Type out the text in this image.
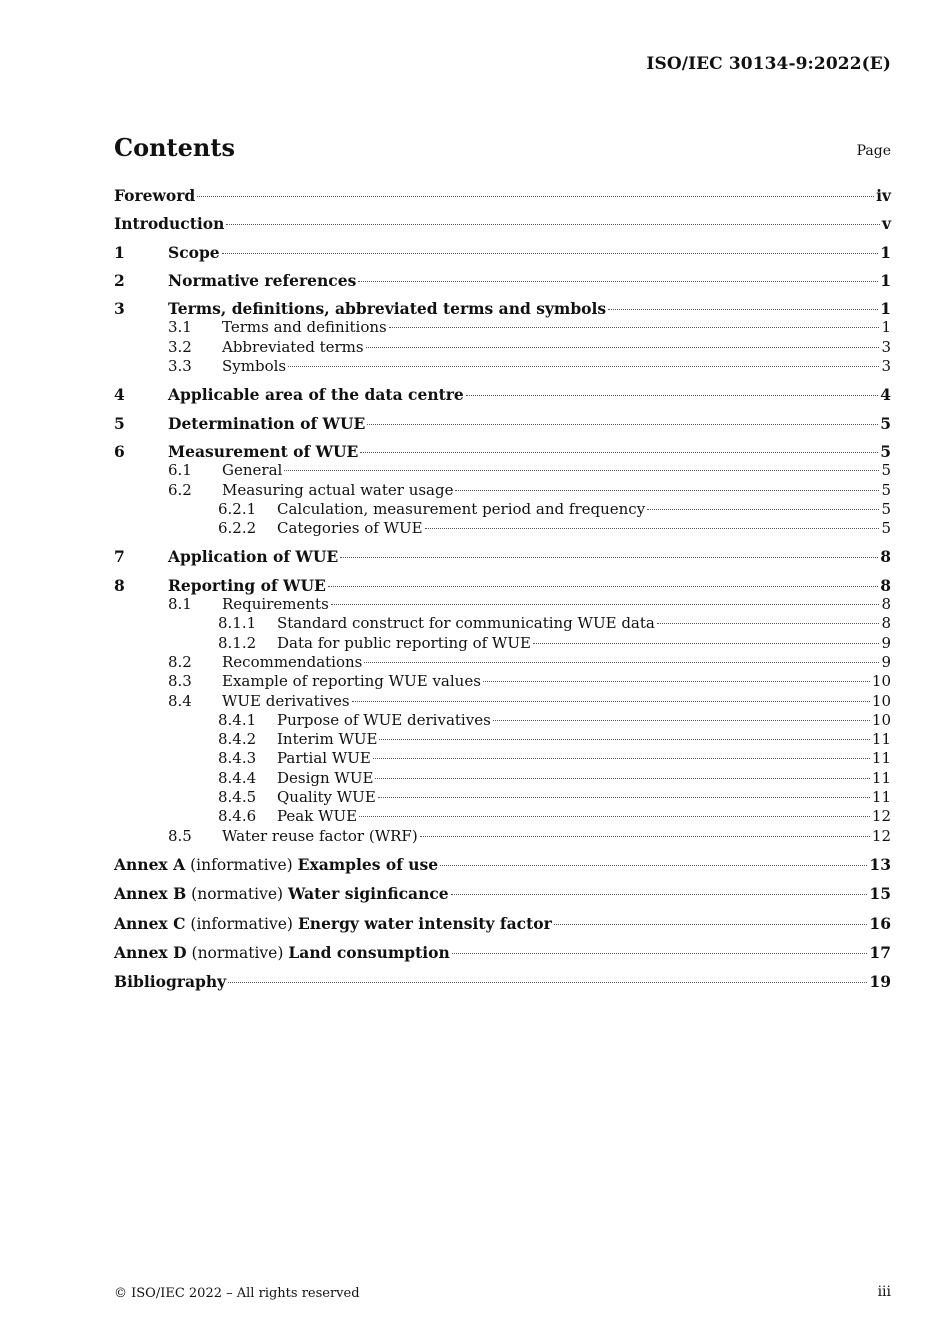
ISO/IEC 30134-9:2022(E)
Contents	Page
Foreword	iv
Introduction	v
1	Scope	1
2	Normative references	1
3	Terms, definitions, abbreviated terms and symbols	1
3.1	Terms and definitions	1
3.2	Abbreviated terms	3
3.3	Symbols	3
4	Applicable area of the data centre	4
5	Determination of WUE	5
6	Measurement of WUE	5
6.1	General	5
6.2	Measuring actual water usage	5
6.2.1	Calculation, measurement period and frequency	5
6.2.2	Categories of WUE	5
7	Application of WUE	8
8	Reporting of WUE	8
8.1	Requirements	8
8.1.1	Standard construct for communicating WUE data	8
8.1.2	Data for public reporting of WUE	9
8.2	Recommendations	9
8.3	Example of reporting WUE values	10
8.4	WUE derivatives	10
8.4.1	Purpose of WUE derivatives	10
8.4.2	Interim WUE	11
8.4.3	Partial WUE	11
8.4.4	Design WUE	11
8.4.5	Quality WUE	11
8.4.6	Peak WUE	12
8.5	Water reuse factor (WRF)	12
Annex A (informative) Examples of use	13
Annex B (normative) Water siginficance	15
Annex C (informative) Energy water intensity factor	16
Annex D (normative) Land consumption	17
Bibliography	19
© ISO/IEC 2022 – All rights reserved	iii
